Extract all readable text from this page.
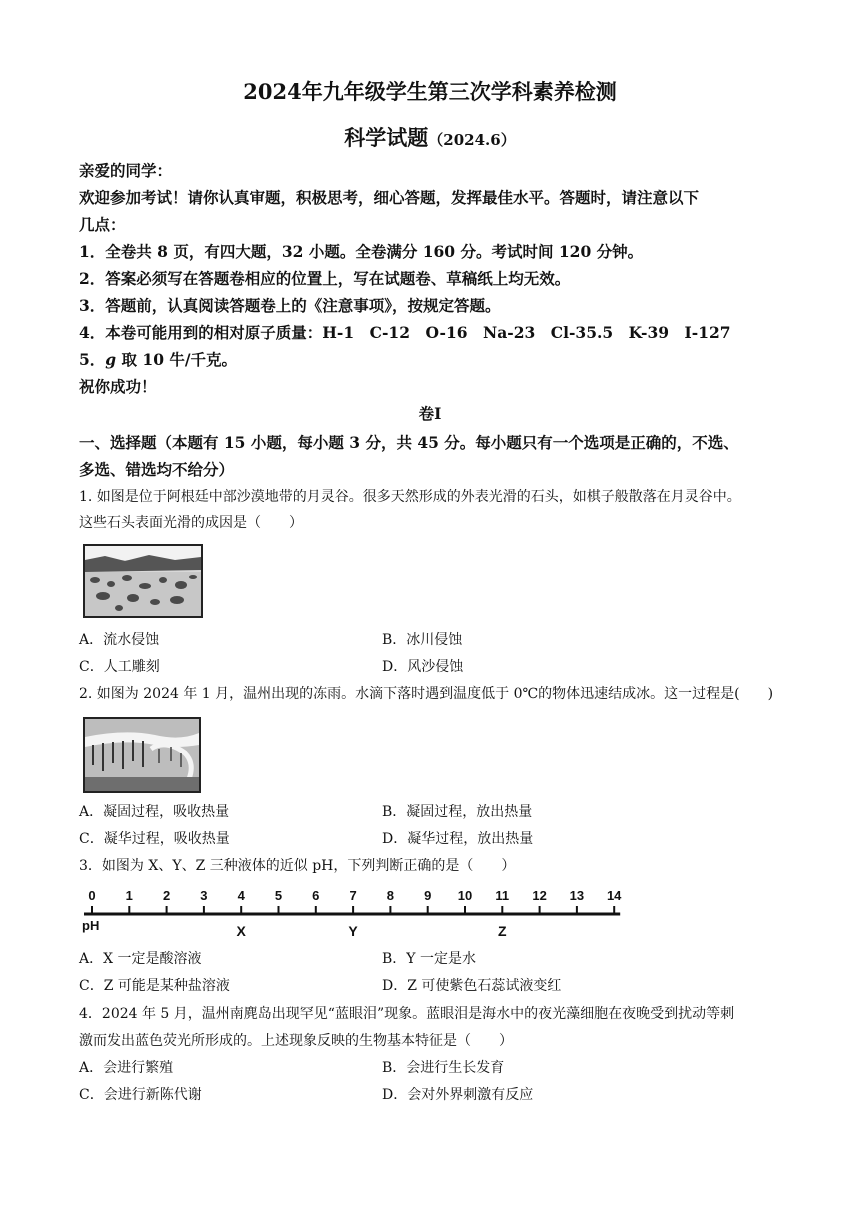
2024年九年级学生第三次学科素养检测
科学试题（2024.6）
亲爱的同学：
欢迎参加考试！请你认真审题，积极思考，细心答题，发挥最佳水平。答题时，请注意以下
几点：
1．全卷共 8 页，有四大题，32 小题。全卷满分 160 分。考试时间 120 分钟。
2．答案必须写在答题卷相应的位置上，写在试题卷、草稿纸上均无效。
3．答题前，认真阅读答题卷上的《注意事项》，按规定答题。
4．本卷可能用到的相对原子质量：H-1　C-12　O-16　Na-23　Cl-35.5　K-39　I-127
5．g 取 10 牛/千克。
祝你成功！
卷Ⅰ
一、选择题（本题有 15 小题，每小题 3 分，共 45 分。每小题只有一个选项是正确的，不选、
多选、错选均不给分）
1. 如图是位于阿根廷中部沙漠地带的月灵谷。很多天然形成的外表光滑的石头，如棋子般散落在月灵谷中。
这些石头表面光滑的成因是（　　）
A．流水侵蚀	B．冰川侵蚀
C．人工雕刻	D．风沙侵蚀
2. 如图为 2024 年 1 月，温州出现的冻雨。水滴下落时遇到温度低于 0℃的物体迅速结成冰。这一过程是(　　)
A．凝固过程，吸收热量	B．凝固过程，放出热量
C．凝华过程，吸收热量	D．凝华过程，放出热量
3．如图为 X、Y、Z 三种液体的近似 pH，下列判断正确的是（　　）
0 1 2 3 4 5 6 7 8 9 10 11 12 13 14
pH	X	Y	Z
A．X 一定是酸溶液	B．Y 一定是水
C．Z 可能是某种盐溶液	D．Z 可使紫色石蕊试液变红
4．2024 年 5 月，温州南麂岛出现罕见“蓝眼泪”现象。蓝眼泪是海水中的夜光藻细胞在夜晚受到扰动等刺
激而发出蓝色荧光所形成的。上述现象反映的生物基本特征是（　　）
A．会进行繁殖	B．会进行生长发育
C．会进行新陈代谢	D．会对外界刺激有反应
